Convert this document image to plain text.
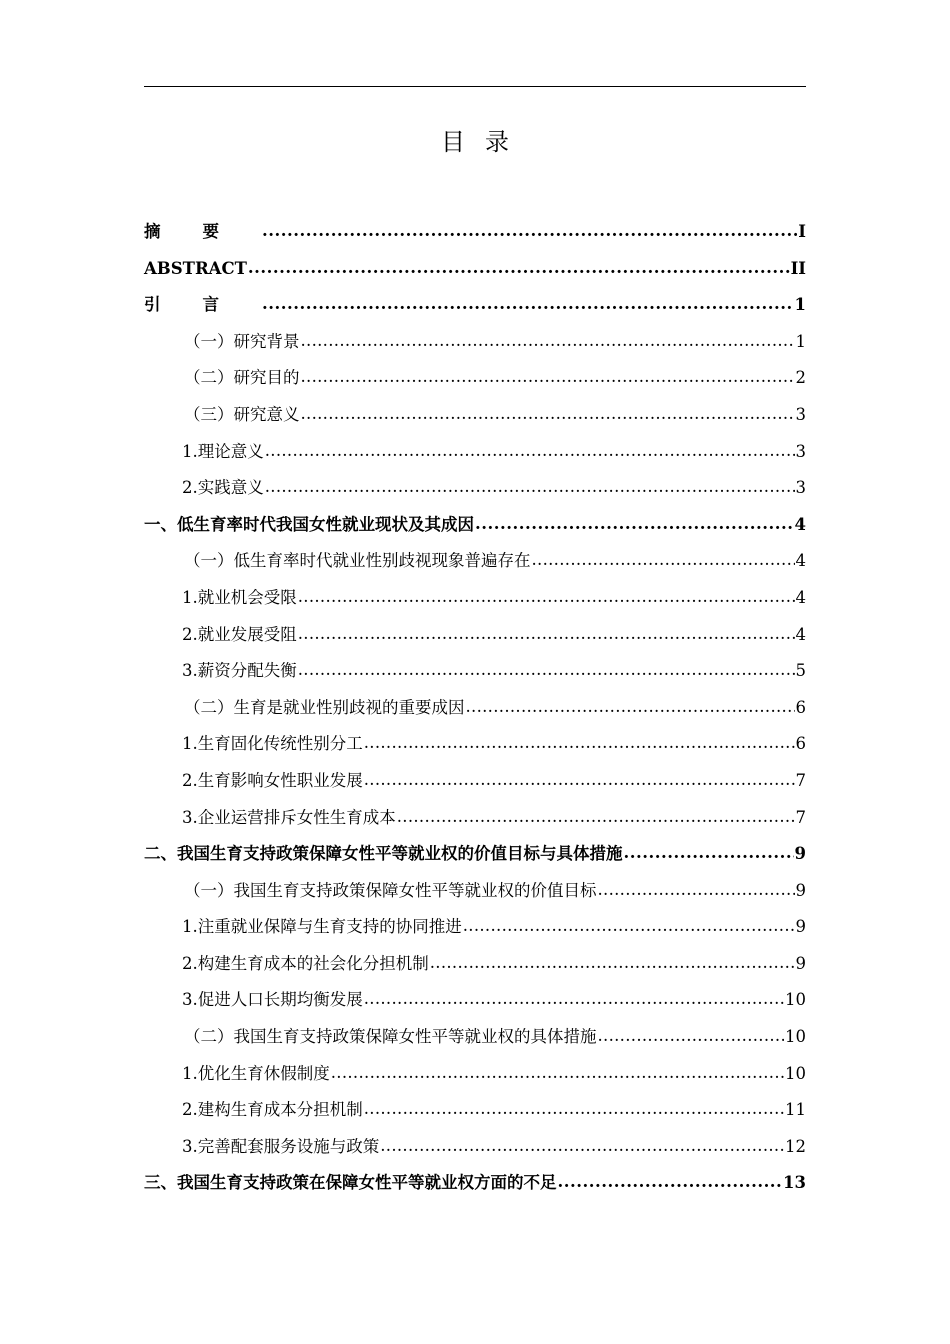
目录
摘要 .....	I
ABSTRACT .....	II
引言 .....	1
（一）研究背景 .....	1
（二）研究目的 .....	2
（三）研究意义 .....	3
1.理论意义 .....	3
2.实践意义 .....	3
一、低生育率时代我国女性就业现状及其成因 .....	4
（一）低生育率时代就业性别歧视现象普遍存在 .....	4
1.就业机会受限 .....	4
2.就业发展受阻 .....	4
3.薪资分配失衡 .....	5
（二）生育是就业性别歧视的重要成因 .....	6
1.生育固化传统性别分工 .....	6
2.生育影响女性职业发展 .....	7
3.企业运营排斥女性生育成本 .....	7
二、我国生育支持政策保障女性平等就业权的价值目标与具体措施 .....	9
（一）我国生育支持政策保障女性平等就业权的价值目标 .....	9
1.注重就业保障与生育支持的协同推进 .....	9
2.构建生育成本的社会化分担机制 .....	9
3.促进人口长期均衡发展 .....	10
（二）我国生育支持政策保障女性平等就业权的具体措施 .....	10
1.优化生育休假制度 .....	10
2.建构生育成本分担机制 .....	11
3.完善配套服务设施与政策 .....	12
三、我国生育支持政策在保障女性平等就业权方面的不足 .....	13
